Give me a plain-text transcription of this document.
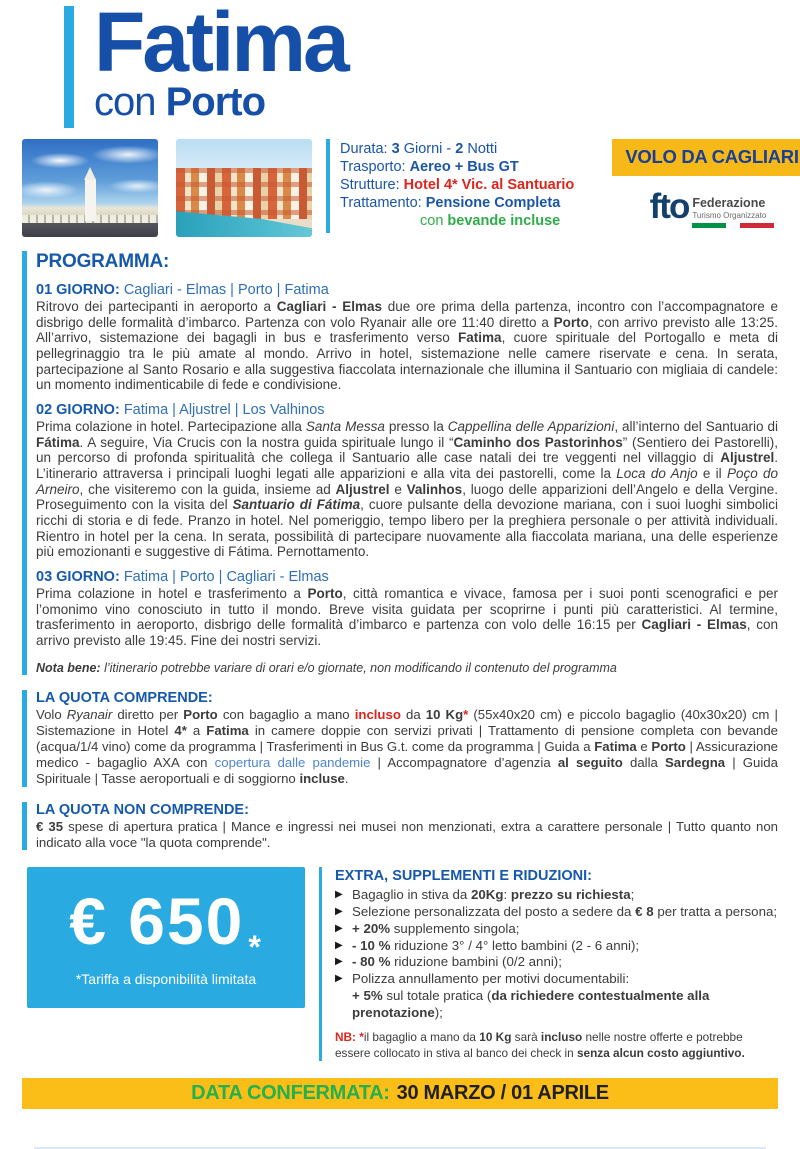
Fatima
con Porto
Durata: 3 Giorni - 2 Notti
Trasporto: Aereo + Bus GT
Strutture: Hotel 4* Vic. al Santuario
Trattamento: Pensione Completa
con bevande incluse
VOLO DA CAGLIARI
fto Federazione
Turismo Organizzato
PROGRAMMA:
01 GIORNO: Cagliari - Elmas | Porto | Fatima
Ritrovo dei partecipanti in aeroporto a Cagliari - Elmas due ore prima della partenza, incontro con l’accompagnatore e disbrigo delle formalità d’imbarco. Partenza con volo Ryanair alle ore 11:40 diretto a Porto, con arrivo previsto alle 13:25. All’arrivo, sistemazione dei bagagli in bus e trasferimento verso Fatima, cuore spirituale del Portogallo e meta di pellegrinaggio tra le più amate al mondo. Arrivo in hotel, sistemazione nelle camere riservate e cena. In serata, partecipazione al Santo Rosario e alla suggestiva fiaccolata internazionale che illumina il Santuario con migliaia di candele: un momento indimenticabile di fede e condivisione.
02 GIORNO: Fatima | Aljustrel | Los Valhinos
Prima colazione in hotel. Partecipazione alla Santa Messa presso la Cappellina delle Apparizioni, all’interno del Santuario di Fátima. A seguire, Via Crucis con la nostra guida spirituale lungo il “Caminho dos Pastorinhos” (Sentiero dei Pastorelli), un percorso di profonda spiritualità che collega il Santuario alle case natali dei tre veggenti nel villaggio di Aljustrel. L’itinerario attraversa i principali luoghi legati alle apparizioni e alla vita dei pastorelli, come la Loca do Anjo e il Poço do Arneiro, che visiteremo con la guida, insieme ad Aljustrel e Valinhos, luogo delle apparizioni dell’Angelo e della Vergine. Proseguimento con la visita del Santuario di Fátima, cuore pulsante della devozione mariana, con i suoi luoghi simbolici ricchi di storia e di fede. Pranzo in hotel. Nel pomeriggio, tempo libero per la preghiera personale o per attività individuali. Rientro in hotel per la cena. In serata, possibilità di partecipare nuovamente alla fiaccolata mariana, una delle esperienze più emozionanti e suggestive di Fátima. Pernottamento.
03 GIORNO: Fatima | Porto | Cagliari - Elmas
Prima colazione in hotel e trasferimento a Porto, città romantica e vivace, famosa per i suoi ponti scenografici e per l’omonimo vino conosciuto in tutto il mondo. Breve visita guidata per scoprirne i punti più caratteristici. Al termine, trasferimento in aeroporto, disbrigo delle formalità d’imbarco e partenza con volo delle 16:15 per Cagliari - Elmas, con arrivo previsto alle 19:45. Fine dei nostri servizi.
Nota bene: l’itinerario potrebbe variare di orari e/o giornate, non modificando il contenuto del programma
LA QUOTA COMPRENDE:
Volo Ryanair diretto per Porto con bagaglio a mano incluso da 10 Kg* (55x40x20 cm) e piccolo bagaglio (40x30x20) cm | Sistemazione in Hotel 4* a Fatima in camere doppie con servizi privati | Trattamento di pensione completa con bevande (acqua/1/4 vino) come da programma | Trasferimenti in Bus G.t. come da programma | Guida a Fatima e Porto | Assicurazione medico - bagaglio AXA con copertura dalle pandemie | Accompagnatore d’agenzia al seguito dalla Sardegna | Guida Spirituale | Tasse aeroportuali e di soggiorno incluse.
LA QUOTA NON COMPRENDE:
€ 35 spese di apertura pratica | Mance e ingressi nei musei non menzionati, extra a carattere personale | Tutto quanto non indicato alla voce "la quota comprende".
€ 650 $_*$
*Tariffa a disponibilità limitata
EXTRA, SUPPLEMENTI E RIDUZIONI:
▶ Bagaglio in stiva da 20Kg: prezzo su richiesta;
▶ Selezione personalizzata del posto a sedere da € 8 per tratta a persona;
▶ + 20% supplemento singola;
▶ - 10 % riduzione 3° / 4° letto bambini (2 - 6 anni);
▶ - 80 % riduzione bambini (0/2 anni);
▶ Polizza annullamento per motivi documentabili:
+ 5% sul totale pratica (da richiedere contestualmente alla prenotazione);
NB: *il bagaglio a mano da 10 Kg sarà incluso nelle nostre offerte e potrebbe essere collocato in stiva al banco dei check in senza alcun costo aggiuntivo.
DATA CONFERMATA: 30 MARZO / 01 APRILE
